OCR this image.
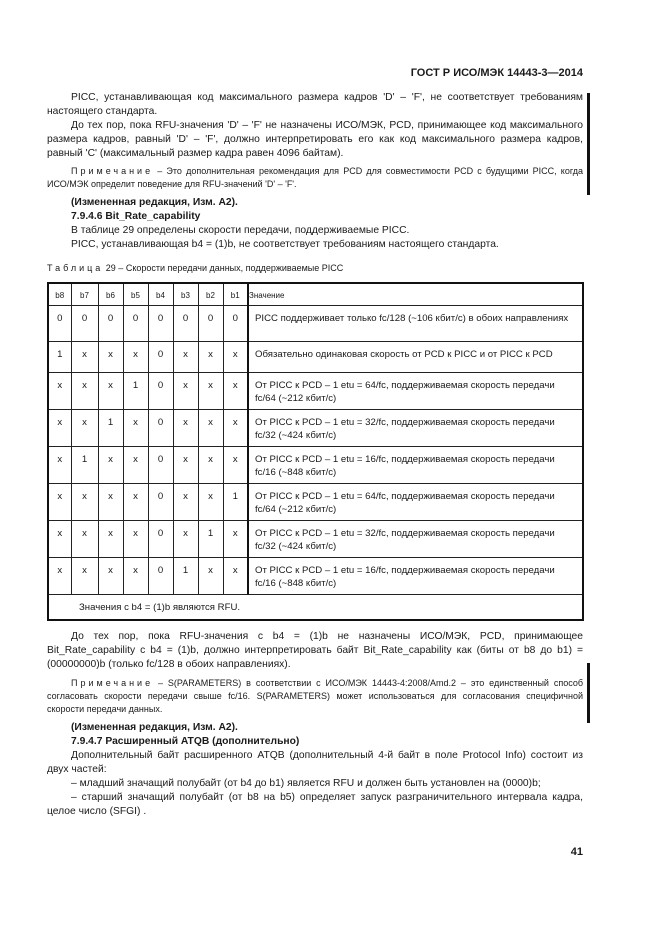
ГОСТ Р ИСО/МЭК 14443-3—2014

PICC, устанавливающая код максимального размера кадров 'D' – 'F', не соответствует требованиям настоящего стандарта.

До тех пор, пока RFU-значения 'D' – 'F' не назначены ИСО/МЭК, PCD, принимающее код максимального размера кадров, равный 'D' – 'F', должно интерпретировать его как код максимального размера кадров, равный 'C' (максимальный размер кадра равен 4096 байтам).

Примечание – Это дополнительная рекомендация для PCD для совместимости PCD с будущими PICC, когда ИСО/МЭК определит поведение для RFU-значений 'D' – 'F'.

(Измененная редакция, Изм. А2).

7.9.4.6 Bit_Rate_capability

В таблице 29 определены скорости передачи, поддерживаемые PICC.

PICC, устанавливающая b4 = (1)b, не соответствует требованиям настоящего стандарта.

Таблица 29 – Скорости передачи данных, поддерживаемые PICC

b8	b7	b6	b5	b4	b3	b2	b1	Значение
0	0	0	0	0	0	0	0	PICC поддерживает только fc/128 (~106 кбит/с) в обоих направлениях
1	x	x	x	0	x	x	x	Обязательно одинаковая скорость от PCD к PICC и от PICC к PCD
x	x	x	1	0	x	x	x	От PICC к PCD – 1 etu = 64/fc, поддерживаемая скорость передачи fc/64 (~212 кбит/с)
x	x	1	x	0	x	x	x	От PICC к PCD – 1 etu = 32/fc, поддерживаемая скорость передачи fc/32 (~424 кбит/с)
x	1	x	x	0	x	x	x	От PICC к PCD – 1 etu = 16/fc, поддерживаемая скорость передачи fc/16 (~848 кбит/с)
x	x	x	x	0	x	x	1	От PICC к PCD – 1 etu = 64/fc, поддерживаемая скорость передачи fc/64 (~212 кбит/с)
x	x	x	x	0	x	1	x	От PICC к PCD – 1 etu = 32/fc, поддерживаемая скорость передачи fc/32 (~424 кбит/с)
x	x	x	x	0	1	x	x	От PICC к PCD – 1 etu = 16/fc, поддерживаемая скорость передачи fc/16 (~848 кбит/с)
Значения с b4 = (1)b являются RFU.								

До тех пор, пока RFU-значения с b4 = (1)b не назначены ИСО/МЭК, PCD, принимающее Bit_Rate_capability с b4 = (1)b, должно интерпретировать байт Bit_Rate_capability как (биты от b8 до b1) = (00000000)b (только fc/128 в обоих направлениях).

Примечание – S(PARAMETERS) в соответствии с ИСО/МЭК 14443-4:2008/Amd.2 – это единственный способ согласовать скорости передачи свыше fc/16. S(PARAMETERS) может использоваться для согласования специфичной скорости передачи данных.

(Измененная редакция, Изм. А2).

7.9.4.7 Расширенный ATQB (дополнительно)

Дополнительный байт расширенного ATQB (дополнительный 4-й байт в поле Protocol Info) состоит из двух частей:

– младший значащий полубайт (от b4 до b1) является RFU и должен быть установлен на (0000)b;

– старший значащий полубайт (от b8 на b5) определяет запуск разграничительного интервала кадра, целое число (SFGI) .

41
